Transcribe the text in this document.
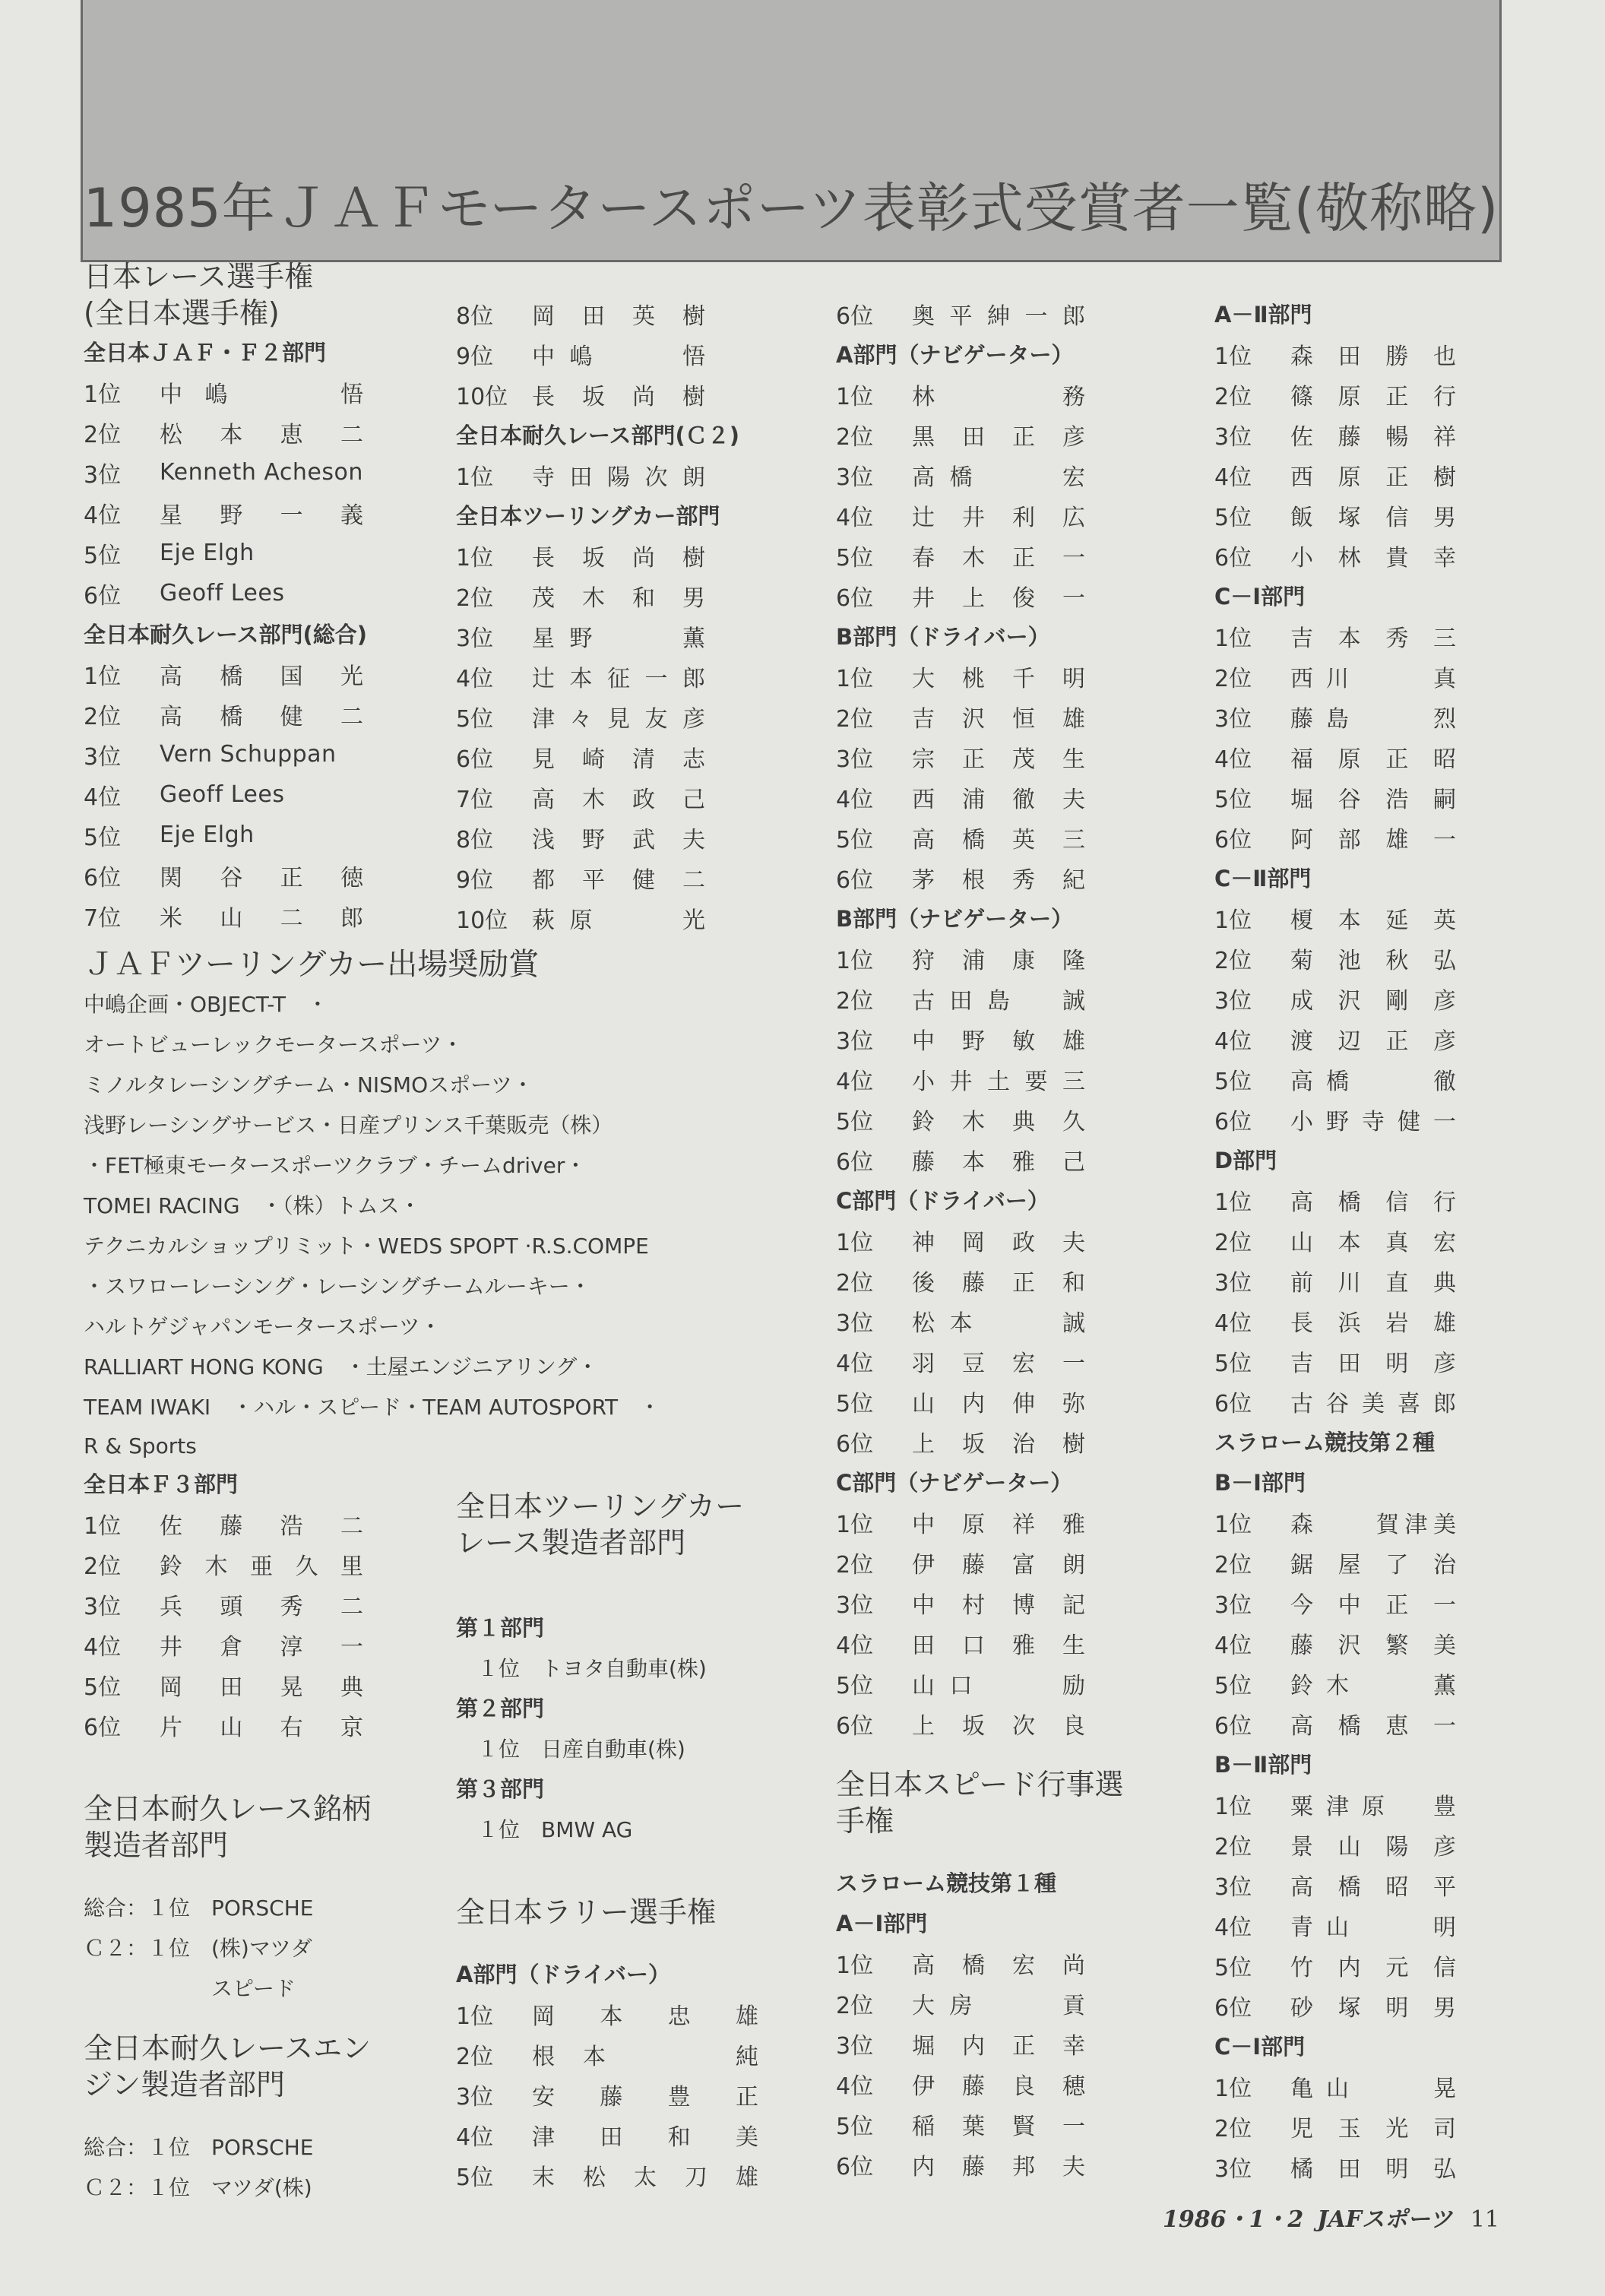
1985年ＪＡＦモータースポーツ表彰式受賞者一覧(敬称略)
日本レース選手権
(全日本選手権)
全日本ＪＡＦ・Ｆ２部門
1位	中嶋　　悟
2位	松本恵二
3位	Kenneth Acheson
4位	星野一義
5位	Eje Elgh
6位	Geoff Lees
全日本耐久レース部門(総合)
1位	高橋国光
2位	高橋健二
3位	Vern Schuppan
4位	Geoff Lees
5位	Eje Elgh
6位	関谷正徳
7位	米山二郎
ＪＡＦツーリングカー出場奨励賞
中嶋企画・OBJECT-T　・
オートビューレックモータースポーツ・
ミノルタレーシングチーム・NISMOスポーツ・
浅野レーシングサービス・日産プリンス千葉販売（株）
・FET極東モータースポーツクラブ・チームdriver・
TOMEI RACING　・（株）トムス・
テクニカルショップリミット・WEDS SPOPT ·R.S.COMPE
・スワローレーシング・レーシングチームルーキー・
ハルトゲジャパンモータースポーツ・
RALLIART HONG KONG　・土屋エンジニアリング・
TEAM IWAKI　・ハル・スピード・TEAM AUTOSPORT　・
R & Sports
全日本Ｆ３部門
1位	佐藤浩二
2位	鈴木亜久里
3位	兵頭秀二
4位	井倉淳一
5位	岡田晃典
6位	片山右京
全日本耐久レース銘柄
製造者部門
総合：１位　PORSCHE
Ｃ２：１位　(株)マツダ
　　　　　　スピード
全日本耐久レースエン
ジン製造者部門
総合：１位　PORSCHE
Ｃ２：１位　マツダ(株)
8位	岡田英樹
9位	中嶋　　悟
10位	長坂尚樹
全日本耐久レース部門(Ｃ２)
1位	寺田陽次朗
全日本ツーリングカー部門
1位	長坂尚樹
2位	茂木和男
3位	星野　　薫
4位	辻本征一郎
5位	津々見友彦
6位	見崎清志
7位	高木政己
8位	浅野武夫
9位	都平健二
10位	萩原　　光
全日本ツーリングカー
レース製造者部門
第１部門
　１位　トヨタ自動車(株)
第２部門
　１位　日産自動車(株)
第３部門
　１位　BMW AG
全日本ラリー選手権
A部門（ドライバー）
1位	岡本忠雄
2位	根本　　純
3位	安藤豊正
4位	津田和美
5位	末松太刀雄
6位	奥平紳一郎
A部門（ナビゲーター）
1位	林　　　　務
2位	黒田正彦
3位	高橋　　宏
4位	辻井利広
5位	春木正一
6位	井上俊一
B部門（ドライバー）
1位	大桃千明
2位	吉沢恒雄
3位	宗正茂生
4位	西浦徹夫
5位	高橋英三
6位	茅根秀紀
B部門（ナビゲーター）
1位	狩浦康隆
2位	古田島　誠
3位	中野敏雄
4位	小井土要三
5位	鈴木典久
6位	藤本雅己
C部門（ドライバー）
1位	神岡政夫
2位	後藤正和
3位	松本　　誠
4位	羽豆宏一
5位	山内伸弥
6位	上坂治樹
C部門（ナビゲーター）
1位	中原祥雅
2位	伊藤富朗
3位	中村博記
4位	田口雅生
5位	山口　　励
6位	上坂次良
全日本スピード行事選
手権
スラローム競技第１種
A－Ⅰ部門
1位	高橋宏尚
2位	大房　　貢
3位	堀内正幸
4位	伊藤良穂
5位	稲葉賢一
6位	内藤邦夫
A－Ⅱ部門
1位	森田勝也
2位	篠原正行
3位	佐藤暢祥
4位	西原正樹
5位	飯塚信男
6位	小林貴幸
C－Ⅰ部門
1位	吉本秀三
2位	西川　　真
3位	藤島　　烈
4位	福原正昭
5位	堀谷浩嗣
6位	阿部雄一
C－Ⅱ部門
1位	榎本延英
2位	菊池秋弘
3位	成沢剛彦
4位	渡辺正彦
5位	高橋　　徹
6位	小野寺健一
D部門
1位	高橋信行
2位	山本真宏
3位	前川直典
4位	長浜岩雄
5位	吉田明彦
6位	古谷美喜郎
スラローム競技第２種
B－Ⅰ部門
1位	森　　賀津美
2位	鋸屋了治
3位	今中正一
4位	藤沢繁美
5位	鈴木　　薫
6位	高橋恵一
B－Ⅱ部門
1位	粟津原　豊
2位	景山陽彦
3位	高橋昭平
4位	青山　　明
5位	竹内元信
6位	砂塚明男
C－Ⅰ部門
1位	亀山　　晃
2位	児玉光司
3位	橘田明弘
1986・1・2 JAFスポーツ 11
